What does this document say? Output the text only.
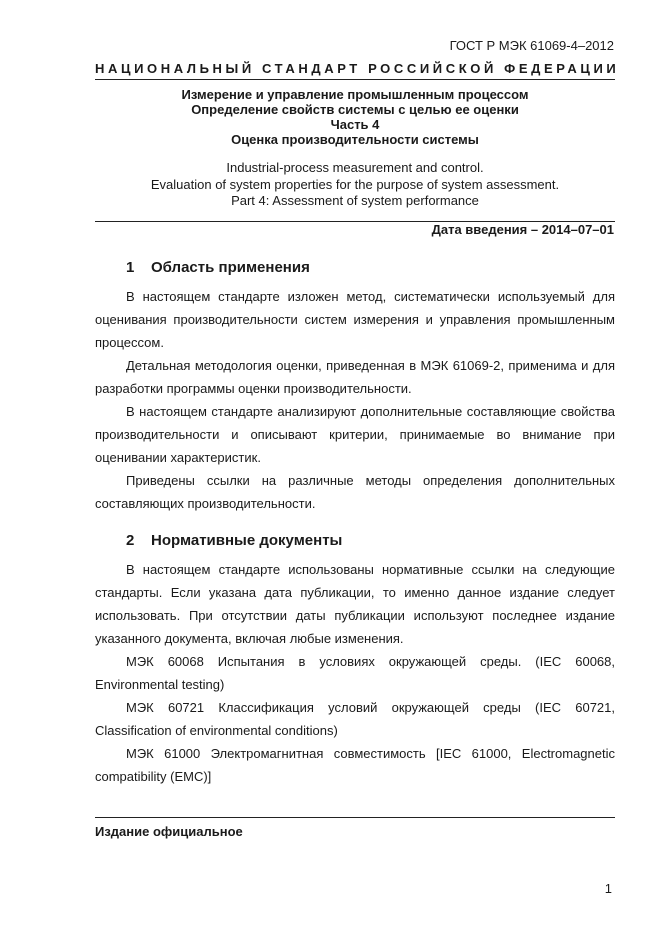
ГОСТ Р МЭК 61069-4–2012
НАЦИОНАЛЬНЫЙ СТАНДАРТ РОССИЙСКОЙ ФЕДЕРАЦИИ
Измерение и управление промышленным процессом
Определение свойств системы с целью ее оценки
Часть 4
Оценка производительности системы
Industrial-process measurement and control.
Evaluation of system properties for the purpose of system assessment.
Part 4: Assessment of system performance
Дата введения – 2014–07–01
1 Область применения

В настоящем стандарте изложен метод, систематически используемый для оценивания производительности систем измерения и управления промышленным процессом.

Детальная методология оценки, приведенная в МЭК 61069-2, применима и для разработки программы оценки производительности.

В настоящем стандарте анализируют дополнительные составляющие свойства производительности и описывают критерии, принимаемые во внимание при оценивании характеристик.

Приведены ссылки на различные методы определения дополнительных составляющих производительности.

2 Нормативные документы

В настоящем стандарте использованы нормативные ссылки на следующие стандарты. Если указана дата публикации, то именно данное издание следует использовать. При отсутствии даты публикации используют последнее издание указанного документа, включая любые изменения.

МЭК 60068 Испытания в условиях окружающей среды. (IEC 60068, Environmental testing)

МЭК 60721 Классификация условий окружающей среды (IEC 60721, Classification of environmental conditions)

МЭК 61000 Электромагнитная совместимость [IEC 61000, Electromagnetic compatibility (EMC)]

Издание официальное
1
